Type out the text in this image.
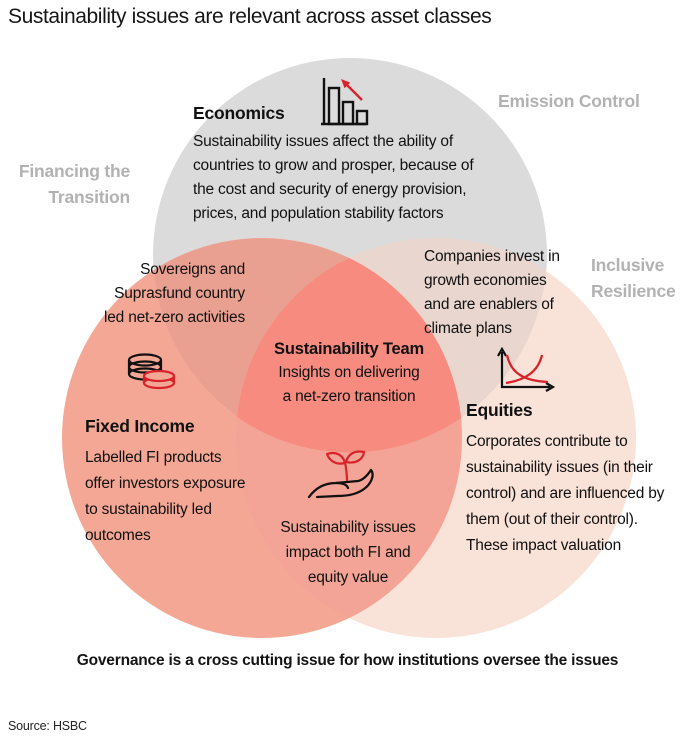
Sustainability issues are relevant across asset classes
Emission Control
Financing the
Transition
Inclusive
Resilience
Economics
Sustainability issues affect the ability of
countries to grow and prosper, because of
the cost and security of energy provision,
prices, and population stability factors
Sovereigns and
Suprasfund country
led net-zero activities
Companies invest in
growth economies
and are enablers of
climate plans
Sustainability Team
Insights on delivering
a net-zero transition
Fixed Income
Labelled FI products
offer investors exposure
to sustainability led
outcomes
Equities
Corporates contribute to
sustainability issues (in their
control) and are influenced by
them (out of their control).
These impact valuation
Sustainability issues
impact both FI and
equity value
Governance is a cross cutting issue for how institutions oversee the issues
Source: HSBC
